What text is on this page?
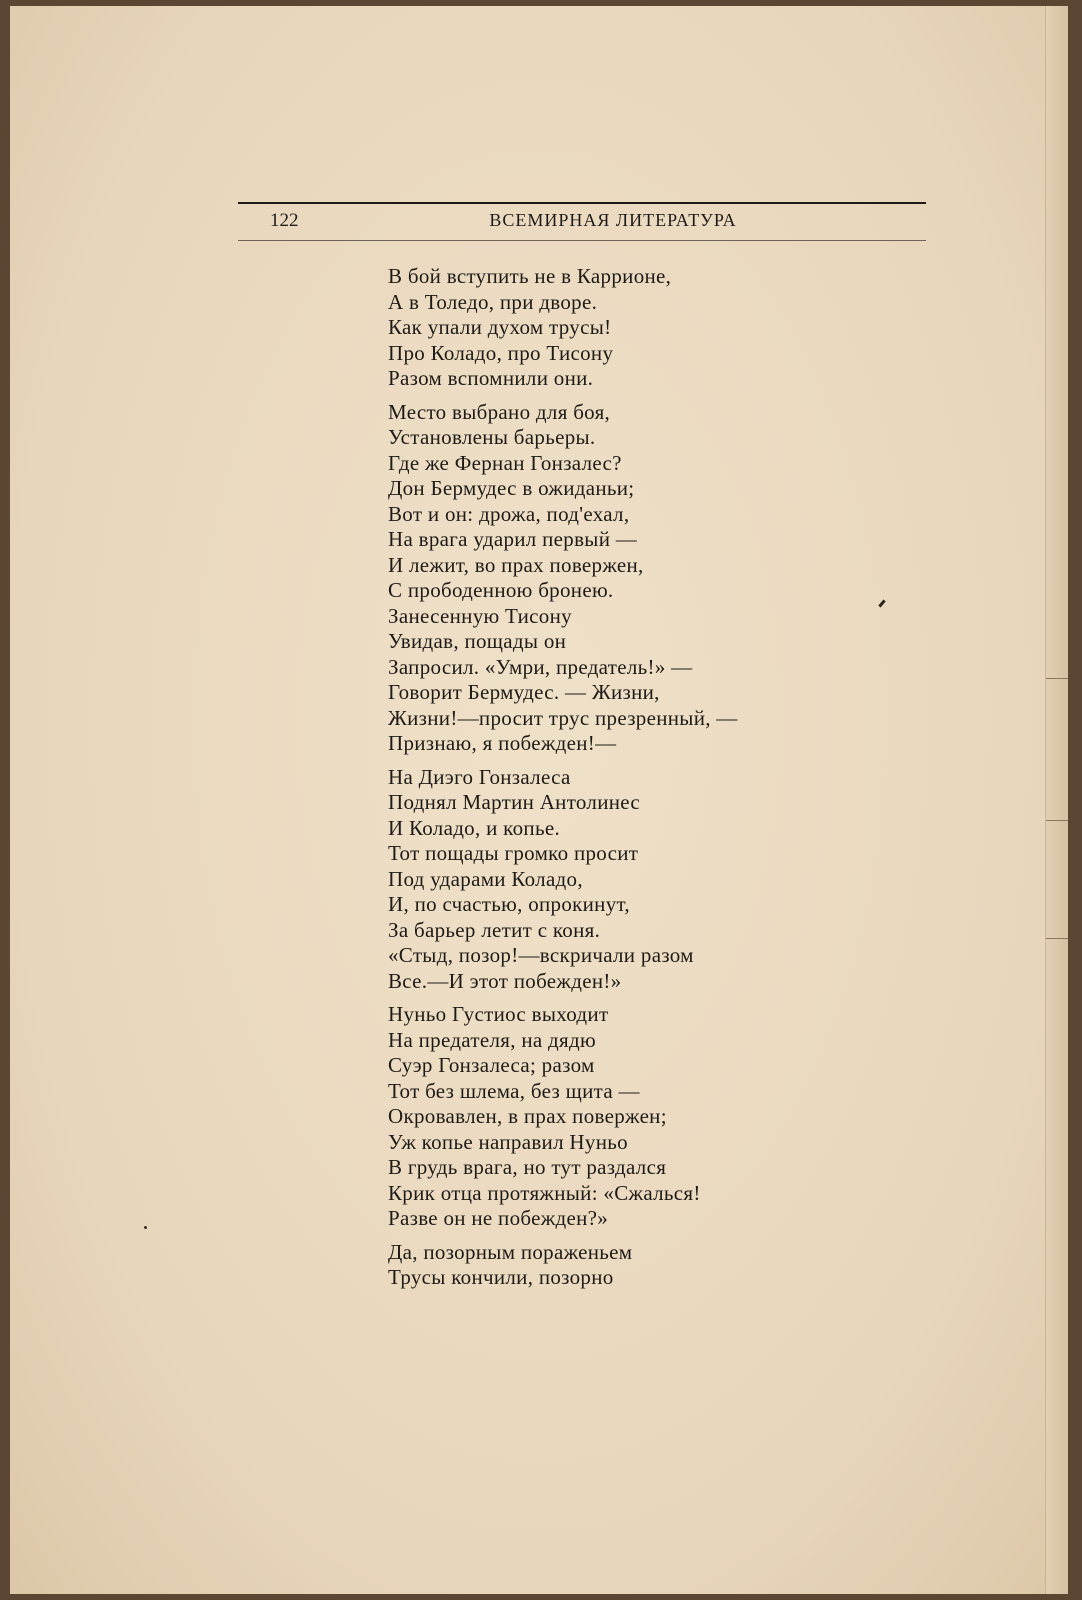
122	ВСЕМИРНАЯ ЛИТЕРАТУРА
В бой вступить не в Каррионе,
А в Толедо, при дворе.
Как упали духом трусы!
Про Коладо, про Тисону
Разом вспомнили они.
Место выбрано для боя,
Установлены барьеры.
Где же Фернан Гонзалес?
Дон Бермудес в ожиданьи;
Вот и он: дрожа, под'ехал,
На врага ударил первый —
И лежит, во прах повержен,
С прободенною бронею.
Занесенную Тисону
Увидав, пощады он
Запросил. «Умри, предатель!» —
Говорит Бермудес. — Жизни,
Жизни!—просит трус презренный, —
Признаю, я побежден!—
На Диэго Гонзалеса
Поднял Мартин Антолинес
И Коладо, и копье.
Тот пощады громко просит
Под ударами Коладо,
И, по счастью, опрокинут,
За барьер летит с коня.
«Стыд, позор!—вскричали разом
Все.—И этот побежден!»
Нуньо Густиос выходит
На предателя, на дядю
Суэр Гонзалеса; разом
Тот без шлема, без щита —
Окровавлен, в прах повержен;
Уж копье направил Нуньо
В грудь врага, но тут раздался
Крик отца протяжный: «Сжалься!
Разве он не побежден?»
Да, позорным пораженьем
Трусы кончили, позорно
